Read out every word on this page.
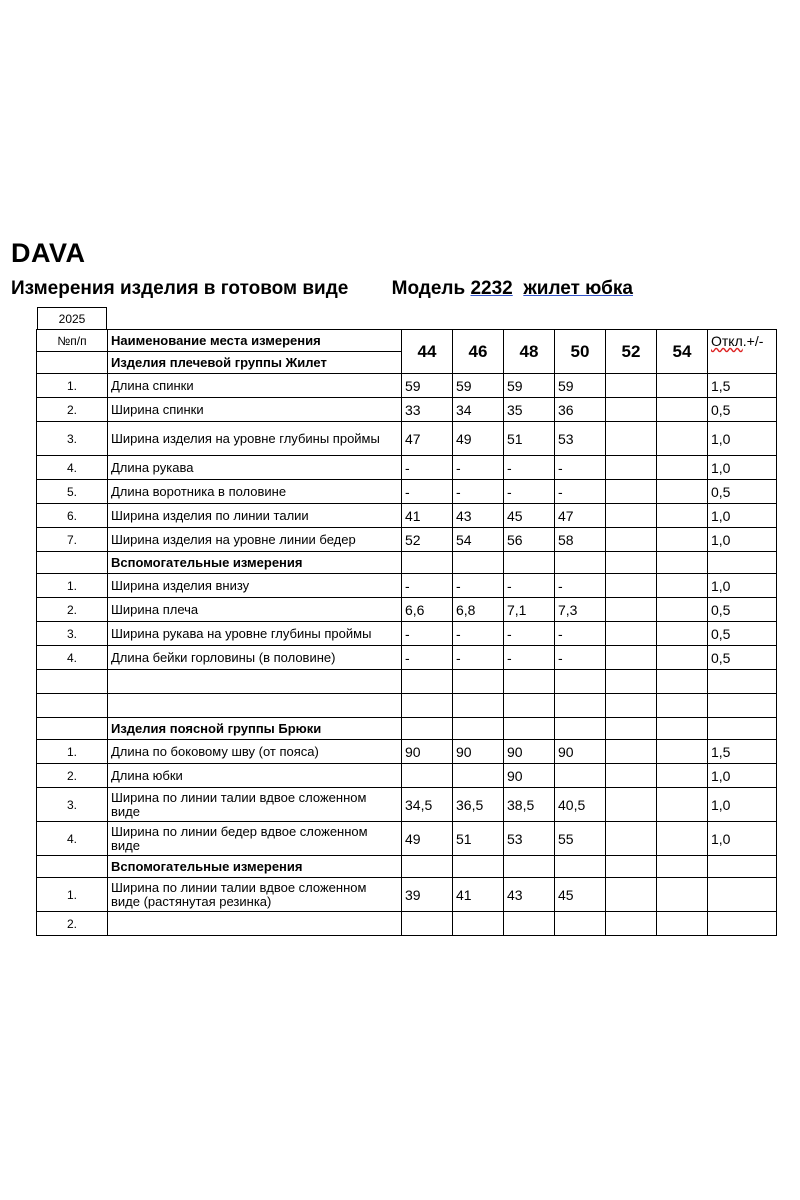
DAVA
Измерения изделия в готовом виде Модель 2232 жилет юбка
2025
№п/п	Наименование места измерения	44	46	48	50	52	54	Откл.+/-
	Изделия плечевой группы Жилет							
1.	Длина спинки	59	59	59	59			1,5
2.	Ширина спинки	33	34	35	36			0,5
3.	Ширина изделия на уровне глубины проймы	47	49	51	53			1,0
4.	Длина рукава	-	-	-	-			1,0
5.	Длина воротника в половине	-	-	-	-			0,5
6.	Ширина изделия по линии талии	41	43	45	47			1,0
7.	Ширина изделия на уровне линии бедер	52	54	56	58			1,0
	Вспомогательные измерения							
1.	Ширина изделия внизу	-	-	-	-			1,0
2.	Ширина плеча	6,6	6,8	7,1	7,3			0,5
3.	Ширина рукава на уровне глубины проймы	-	-	-	-			0,5
4.	Длина бейки горловины (в половине)	-	-	-	-			0,5

	Изделия поясной группы Брюки							
1.	Длина по боковому шву (от пояса)	90	90	90	90			1,5
2.	Длина юбки			90				1,0
3.	Ширина по линии талии вдвое сложенном виде	34,5	36,5	38,5	40,5			1,0
4.	Ширина по линии бедер вдвое сложенном виде	49	51	53	55			1,0
	Вспомогательные измерения							
1.	Ширина по линии талии вдвое сложенном виде (растянутая резинка)	39	41	43	45			
2.								
